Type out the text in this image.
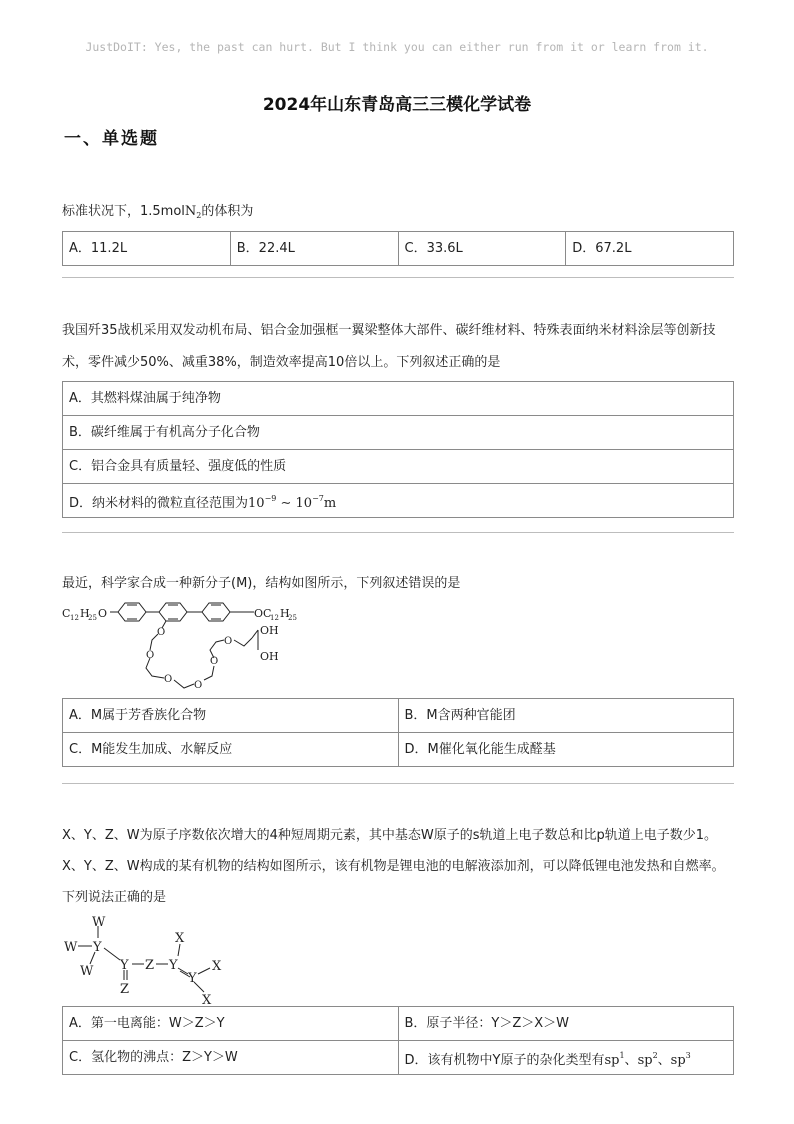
JustDoIT: Yes, the past can hurt. But I think you can either run from it or learn from it.
2024年山东青岛高三三模化学试卷
一、单选题

标准状况下，1.5molN$_2$的体积为

A．11.2L	B．22.4L	C．33.6L	D．67.2L

我国歼35战机采用双发动机布局、铝合金加强框一翼梁整体大部件、碳纤维材料、特殊表面纳米材料涂层等创新技术，零件减少50%、减重38%，制造效率提高10倍以上。下列叙述正确的是

A．其燃料煤油属于纯净物
B．碳纤维属于有机高分子化合物
C．铝合金具有质量轻、强度低的性质
D．纳米材料的微粒直径范围为$10^{-9}$ ∼ $10^{-7}m$

最近，科学家合成一种新分子(M)，结构如图所示，下列叙述错误的是

C 12 H
25 O	OC
12 H
25
O
O
O
O
O
O
OH
OH
A．M属于芳香族化合物	B．M含两种官能团
C．M能发生加成、水解反应	D．M催化氧化能生成醛基

X、Y、Z、W为原子序数依次增大的4种短周期元素，其中基态W原子的s轨道上电子数总和比p轨道上电子数少1。X、Y、Z、W构成的某有机物的结构如图所示，该有机物是锂电池的电解液添加剂，可以降低锂电池发热和自燃率。下列说法正确的是

W
W Y
W Y
Z
Z Y
X
Y
X
X
A．第一电离能：W＞Z＞Y	B．原子半径：Y＞Z＞X＞W
C．氢化物的沸点：Z＞Y＞W	D．该有机物中Y原子的杂化类型有$sp^1$、$sp^2$、$sp^3$
